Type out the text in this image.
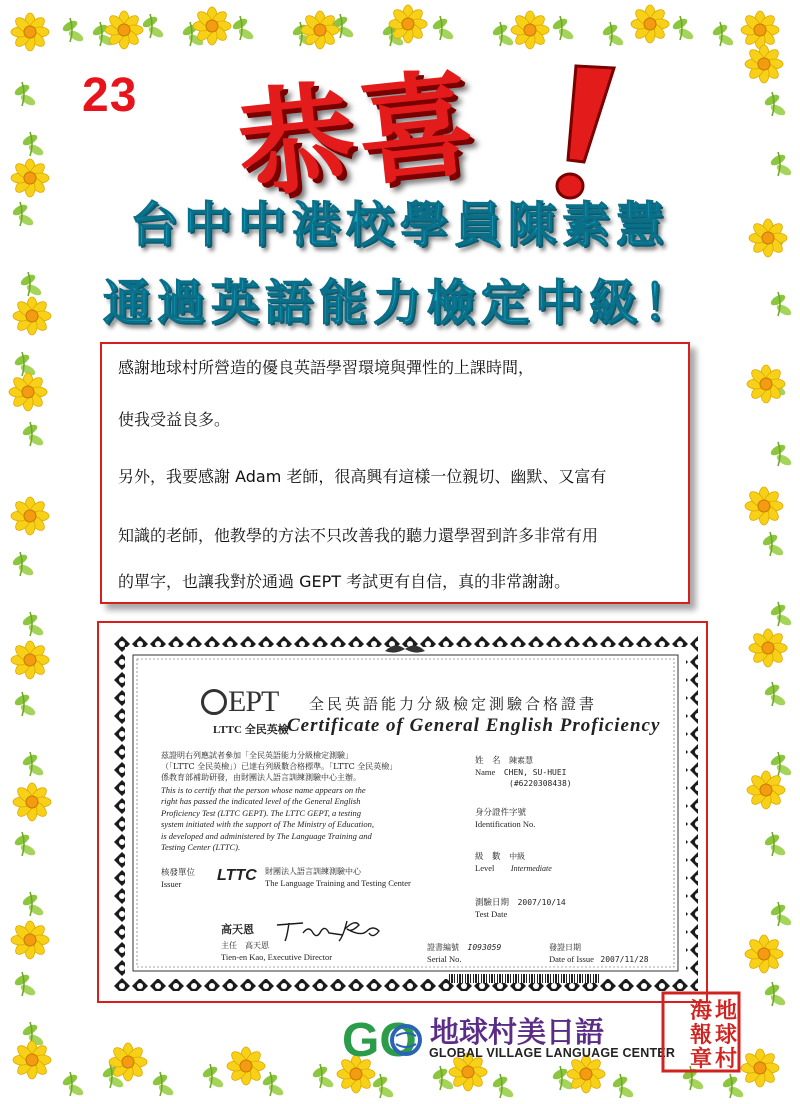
23 恭喜
台中中港校學員陳素慧
通過英語能力檢定中級！

感謝地球村所營造的優良英語學習環境與彈性的上課時間，

使我受益良多。

另外，我要感謝 Adam 老師，很高興有這樣一位親切、幽默、又富有

知識的老師，他教學的方法不只改善我的聽力還學習到許多非常有用

的單字，也讓我對於通過 GEPT 考試更有自信，真的非常謝謝。

EPT
LTTC 全民英檢
全民英語能力分級檢定測驗合格證書
Certificate of General English Proficiency
茲證明右列應試者參加「全民英語能力分級檢定測驗」
（「LTTC 全民英檢」）已達右列級數合格標準。「LTTC 全民英檢」
係教育部補助研發，由財團法人語言訓練測驗中心主辦。
This is to certify that the person whose name appears on the
right has passed the indicated level of the General English
Proficiency Test (LTTC GEPT). The LTTC GEPT, a testing
system initiated with the support of The Ministry of Education,
is developed and administered by The Language Training and
Testing Center (LTTC).
姓　名 陳素慧
Name CHEN, SU-HUEI
(#6220308438)
身分證件字號
Identification No.
級　數 中級
Level Intermediate
測驗日期 2007/10/14
Test Date
核發單位
Issuer	LTTC 財團法人語言訓練測驗中心
The Language Training and Testing Center
高天恩
主任　高天恩
Tien-en Kao, Executive Director
證書編號 I093059
Serial No.
發證日期
Date of Issue 2007/11/28
GO 地球村美日語
GLOBAL VILLAGE LANGUAGE CENTER
地
球
村
海
報
章
